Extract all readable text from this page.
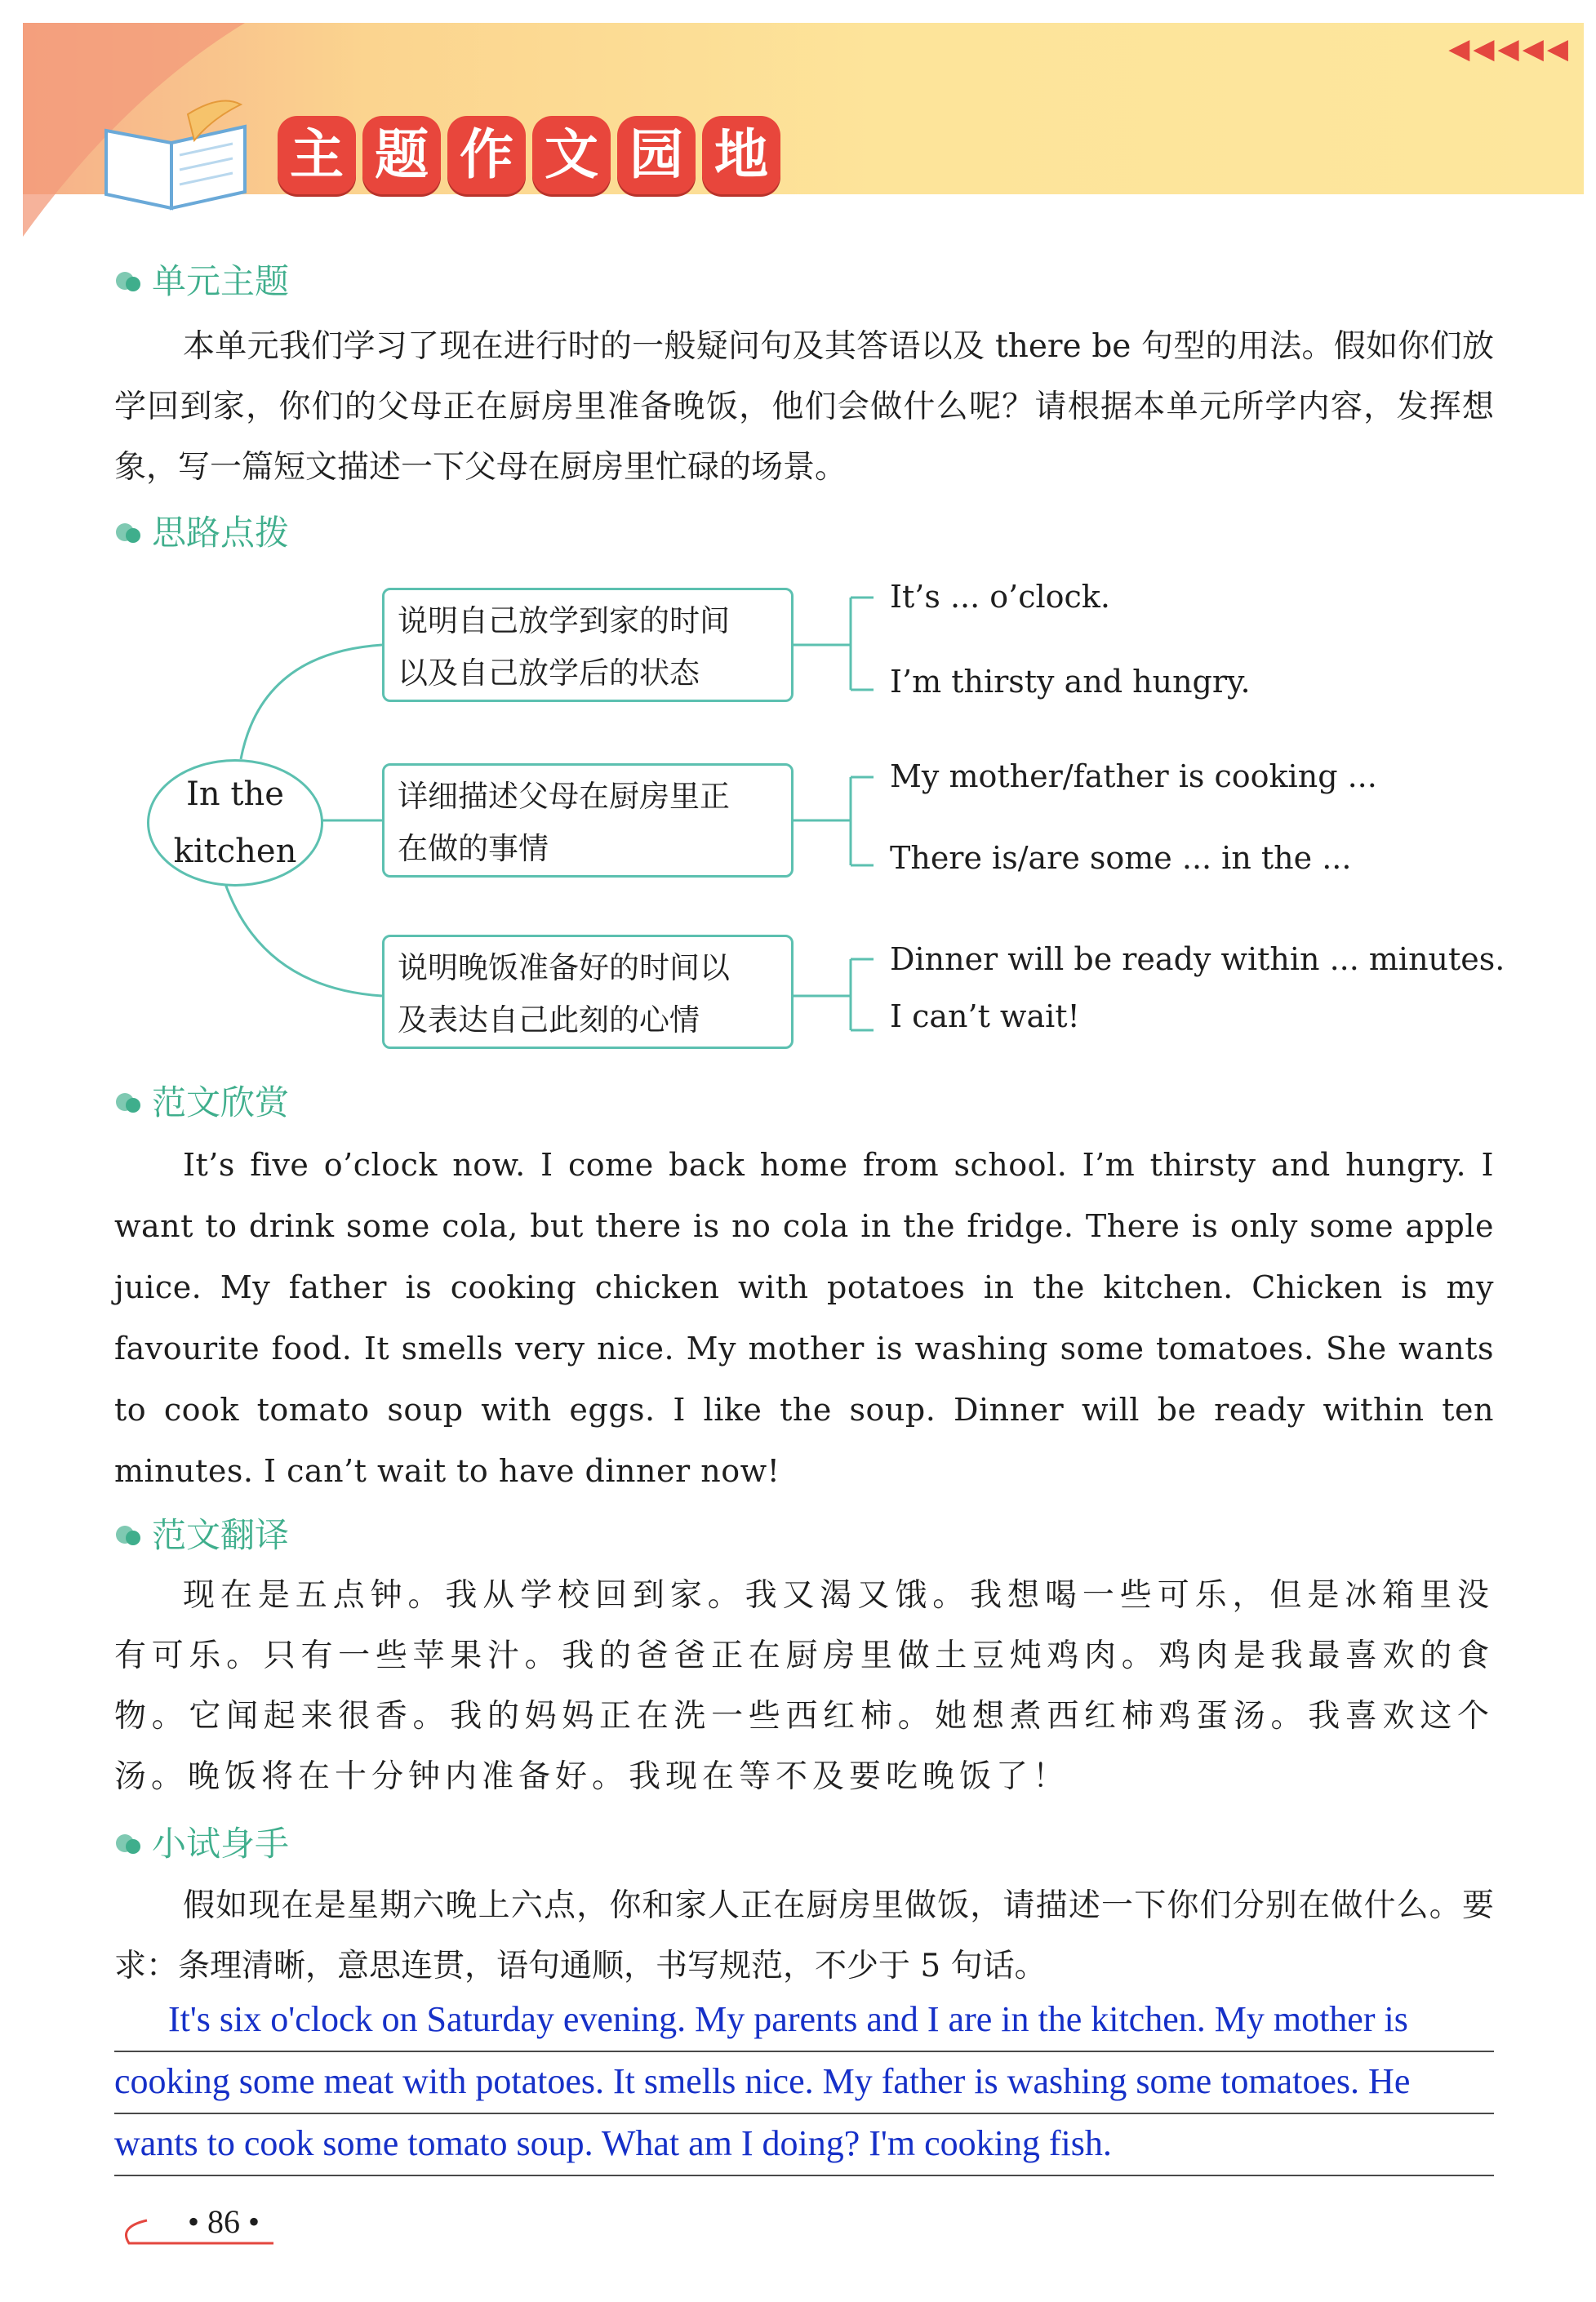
主 题 作 文 园 地
◀◀◀◀◀
单元主题

本单元我们学习了现在进行时的一般疑问句及其答语以及 there be 句型的用法。假如你们放学回到家，你们的父母正在厨房里准备晚饭，他们会做什么呢？请根据本单元所学内容，发挥想象，写一篇短文描述一下父母在厨房里忙碌的场景。

思路点拨
In the
kitchen
说明自己放学到家的时间
以及自己放学后的状态
It’s ... o’clock.
I’m thirsty and hungry.
详细描述父母在厨房里正
在做的事情
My mother/father is cooking ...
There is/are some ... in the ...
说明晚饭准备好的时间以
及表达自己此刻的心情
Dinner will be ready within ... minutes.
I can’t wait!
范文欣赏

It’s five o’clock now. I come back home from school. I’m thirsty and hungry. I want to drink some cola, but there is no cola in the fridge. There is only some apple juice. My father is cooking chicken with potatoes in the kitchen. Chicken is my favourite food. It smells very nice. My mother is washing some tomatoes. She wants to cook tomato soup with eggs. I like the soup. Dinner will be ready within ten minutes. I can’t wait to have dinner now!

范文翻译

现在是五点钟。我从学校回到家。我又渴又饿。我想喝一些可乐，但是冰箱里没有可乐。只有一些苹果汁。我的爸爸正在厨房里做土豆炖鸡肉。鸡肉是我最喜欢的食物。它闻起来很香。我的妈妈正在洗一些西红柿。她想煮西红柿鸡蛋汤。我喜欢这个汤。晚饭将在十分钟内准备好。我现在等不及要吃晚饭了！

小试身手

假如现在是星期六晚上六点，你和家人正在厨房里做饭，请描述一下你们分别在做什么。要求：条理清晰，意思连贯，语句通顺，书写规范，不少于 5 句话。

It's six o'clock on Saturday evening. My parents and I are in the kitchen. My mother is
cooking some meat with potatoes. It smells nice. My father is washing some tomatoes. He
wants to cook some tomato soup. What am I doing? I'm cooking fish.
• 86 •
